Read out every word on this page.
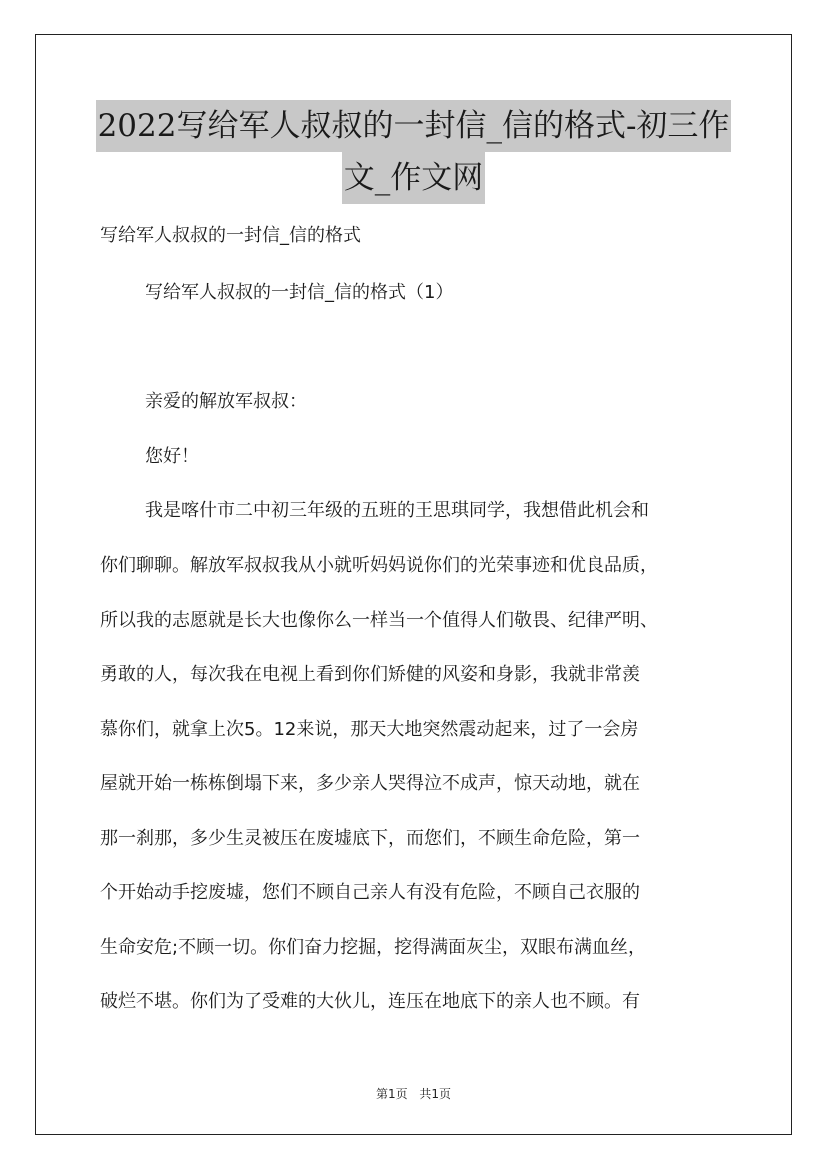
2022写给军人叔叔的一封信_信的格式-初三作
文_作文网

写给军人叔叔的一封信_信的格式

写给军人叔叔的一封信_信的格式（1）

亲爱的解放军叔叔：

您好！

我是喀什市二中初三年级的五班的王思琪同学，我想借此机会和

你们聊聊。解放军叔叔我从小就听妈妈说你们的光荣事迹和优良品质，

所以我的志愿就是长大也像你么一样当一个值得人们敬畏、纪律严明、

勇敢的人，每次我在电视上看到你们矫健的风姿和身影，我就非常羡

慕你们，就拿上次5。12来说，那天大地突然震动起来，过了一会房

屋就开始一栋栋倒塌下来，多少亲人哭得泣不成声，惊天动地，就在

那一刹那，多少生灵被压在废墟底下，而您们，不顾生命危险，第一

个开始动手挖废墟，您们不顾自己亲人有没有危险，不顾自己衣服的

生命安危;不顾一切。你们奋力挖掘，挖得满面灰尘，双眼布满血丝，

破烂不堪。你们为了受难的大伙儿，连压在地底下的亲人也不顾。有

第1页 共1页
